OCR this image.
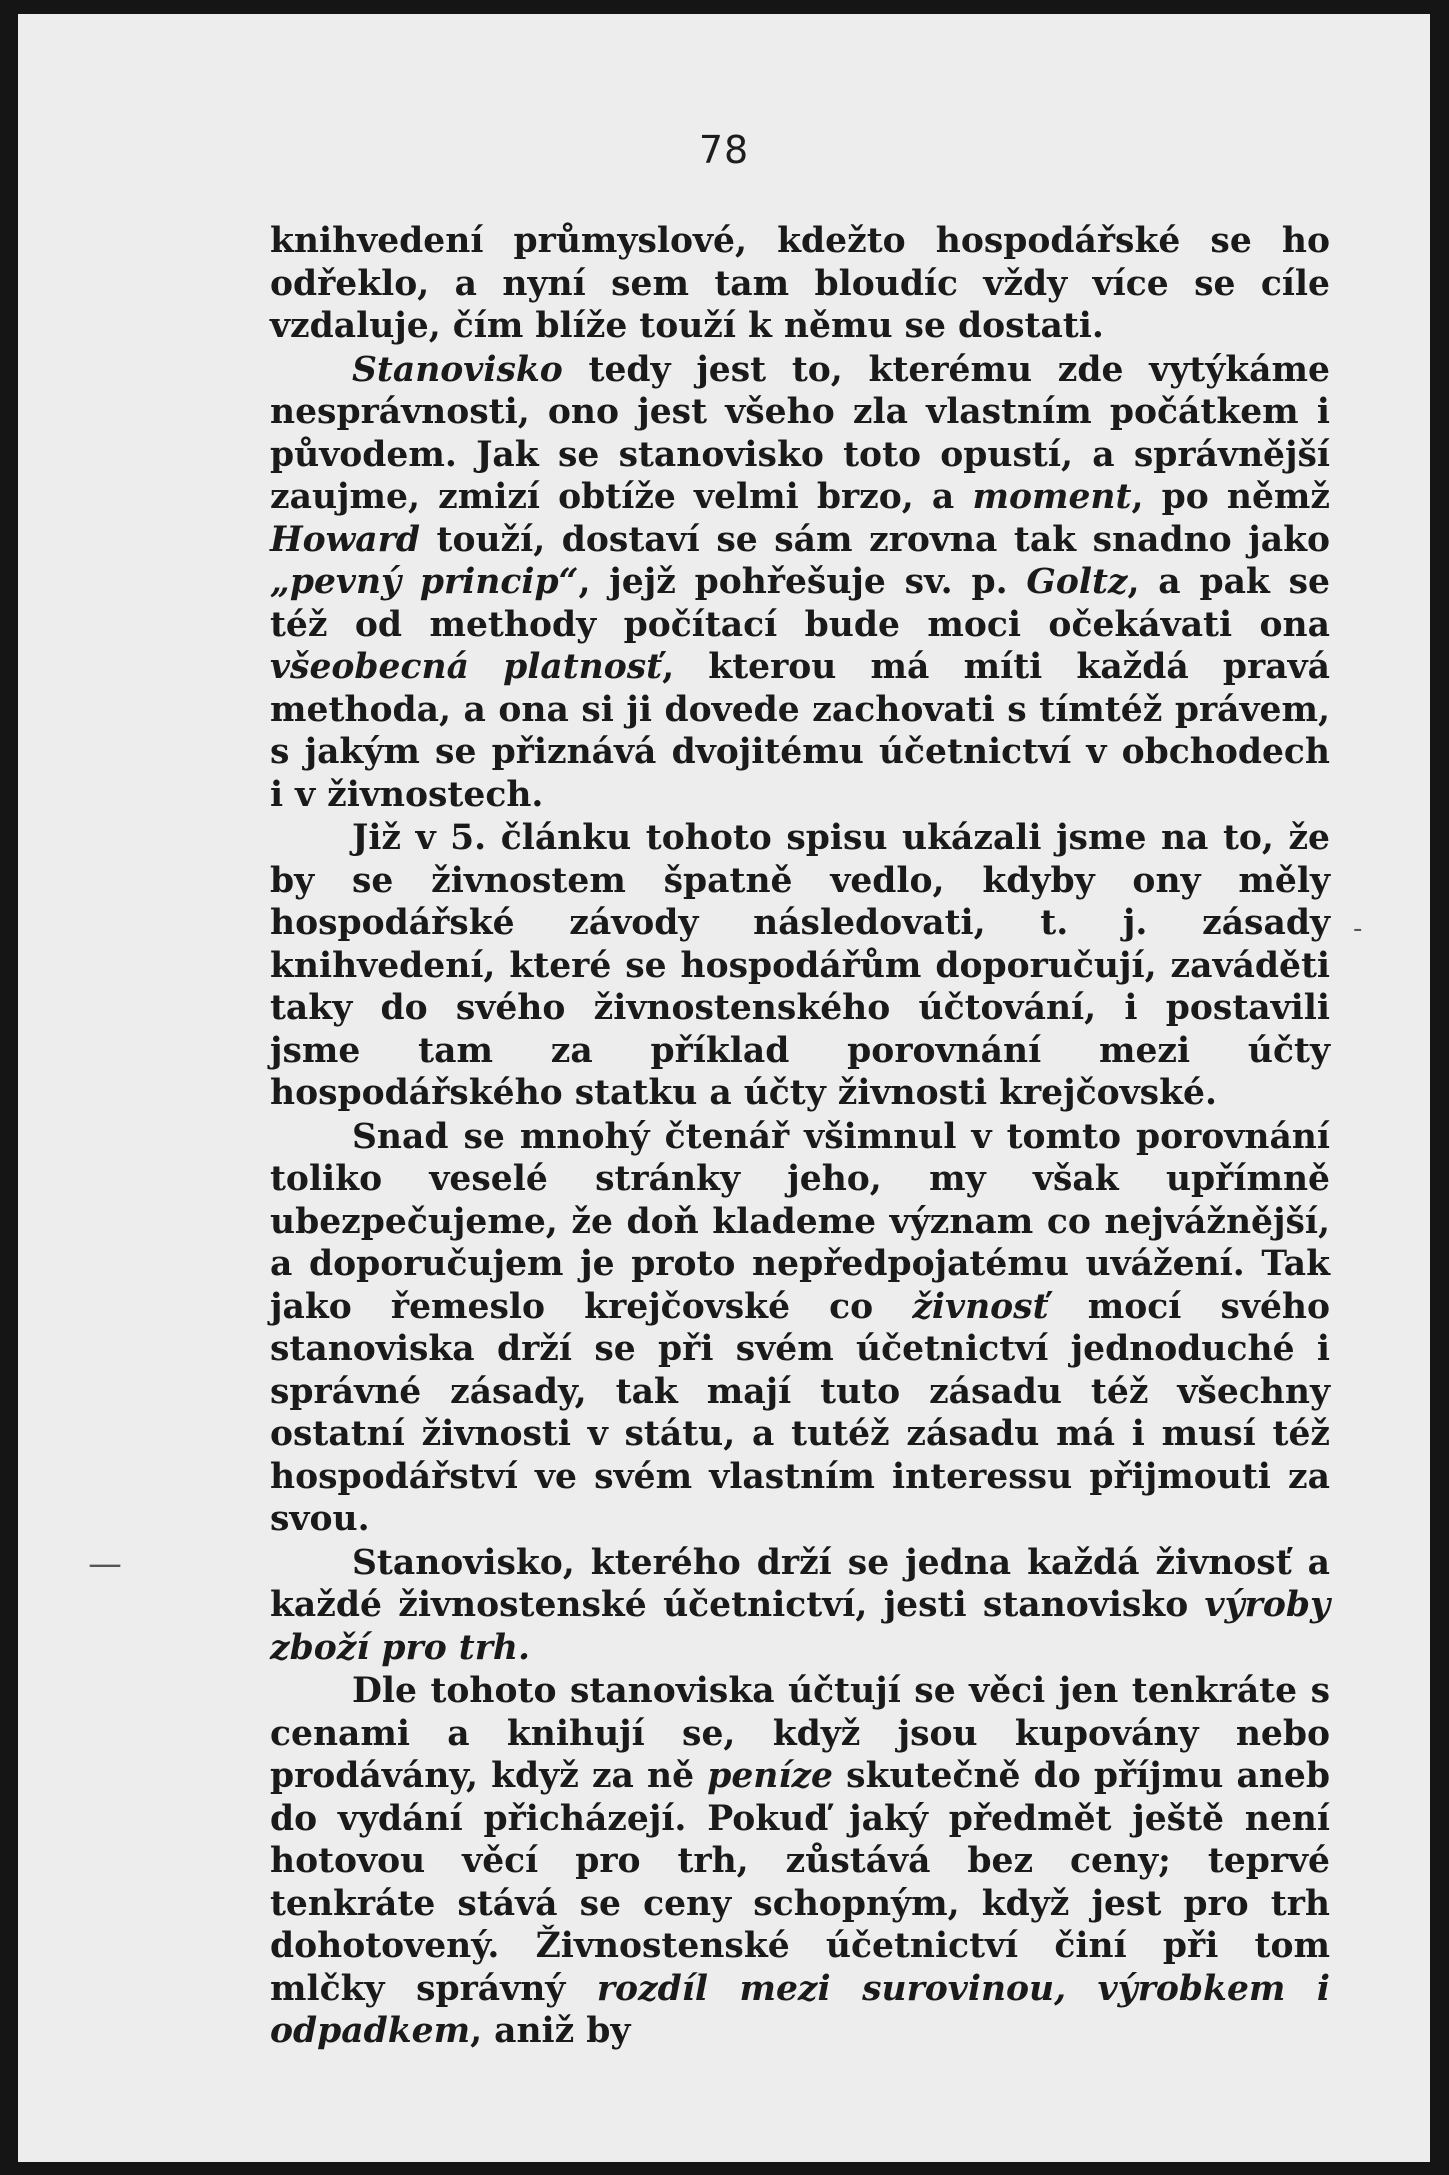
78

knihvedení průmyslové, kdežto hospodářské se ho odřeklo, a nyní sem tam bloudíc vždy více se cíle vzdaluje, čím blíže touží k němu se dostati.

Stanovisko tedy jest to, kterému zde vytýkáme nesprávnosti, ono jest všeho zla vlastním počátkem i původem. Jak se stanovisko toto opustí, a správnější zaujme, zmizí obtíže velmi brzo, a moment, po němž Howard touží, dostaví se sám zrovna tak snadno jako „pevný princip“, jejž pohřešuje sv. p. Goltz, a pak se též od methody počítací bude moci očekávati ona všeobecná platnosť, kterou má míti každá pravá methoda, a ona si ji dovede zachovati s tímtéž právem, s jakým se přiznává dvojitému účetnictví v obchodech i v živnostech.

Již v 5. článku tohoto spisu ukázali jsme na to, že by se živnostem špatně vedlo, kdyby ony měly hospodářské závody následovati, t. j. zásady knihvedení, které se hospodářům doporučují, zaváděti taky do svého živnostenského účtování, i postavili jsme tam za příklad porovnání mezi účty hospodářského statku a účty živnosti krejčovské.

Snad se mnohý čtenář všimnul v tomto porovnání toliko veselé stránky jeho, my však upřímně ubezpečujeme, že doň klademe význam co nejvážnější, a doporučujem je proto nepředpojatému uvážení. Tak jako řemeslo krejčovské co živnosť mocí svého stanoviska drží se při svém účetnictví jednoduché i správné zásady, tak mají tuto zásadu též všechny ostatní živnosti v státu, a tutéž zásadu má i musí též hospodářství ve svém vlastním interessu přijmouti za svou.

Stanovisko, kterého drží se jedna každá živnosť a každé živnostenské účetnictví, jesti stanovisko výroby zboží pro trh.

Dle tohoto stanoviska účtují se věci jen tenkráte s cenami a knihují se, když jsou kupovány nebo prodávány, když za ně peníze skutečně do příjmu aneb do vydání přicházejí. Pokuď jaký předmět ještě není hotovou věcí pro trh, zůstává bez ceny; teprvé tenkráte stává se ceny schopným, když jest pro trh dohotovený. Živnostenské účetnictví činí při tom mlčky správný rozdíl mezi surovinou, výrobkem i odpadkem, aniž by

—
-
